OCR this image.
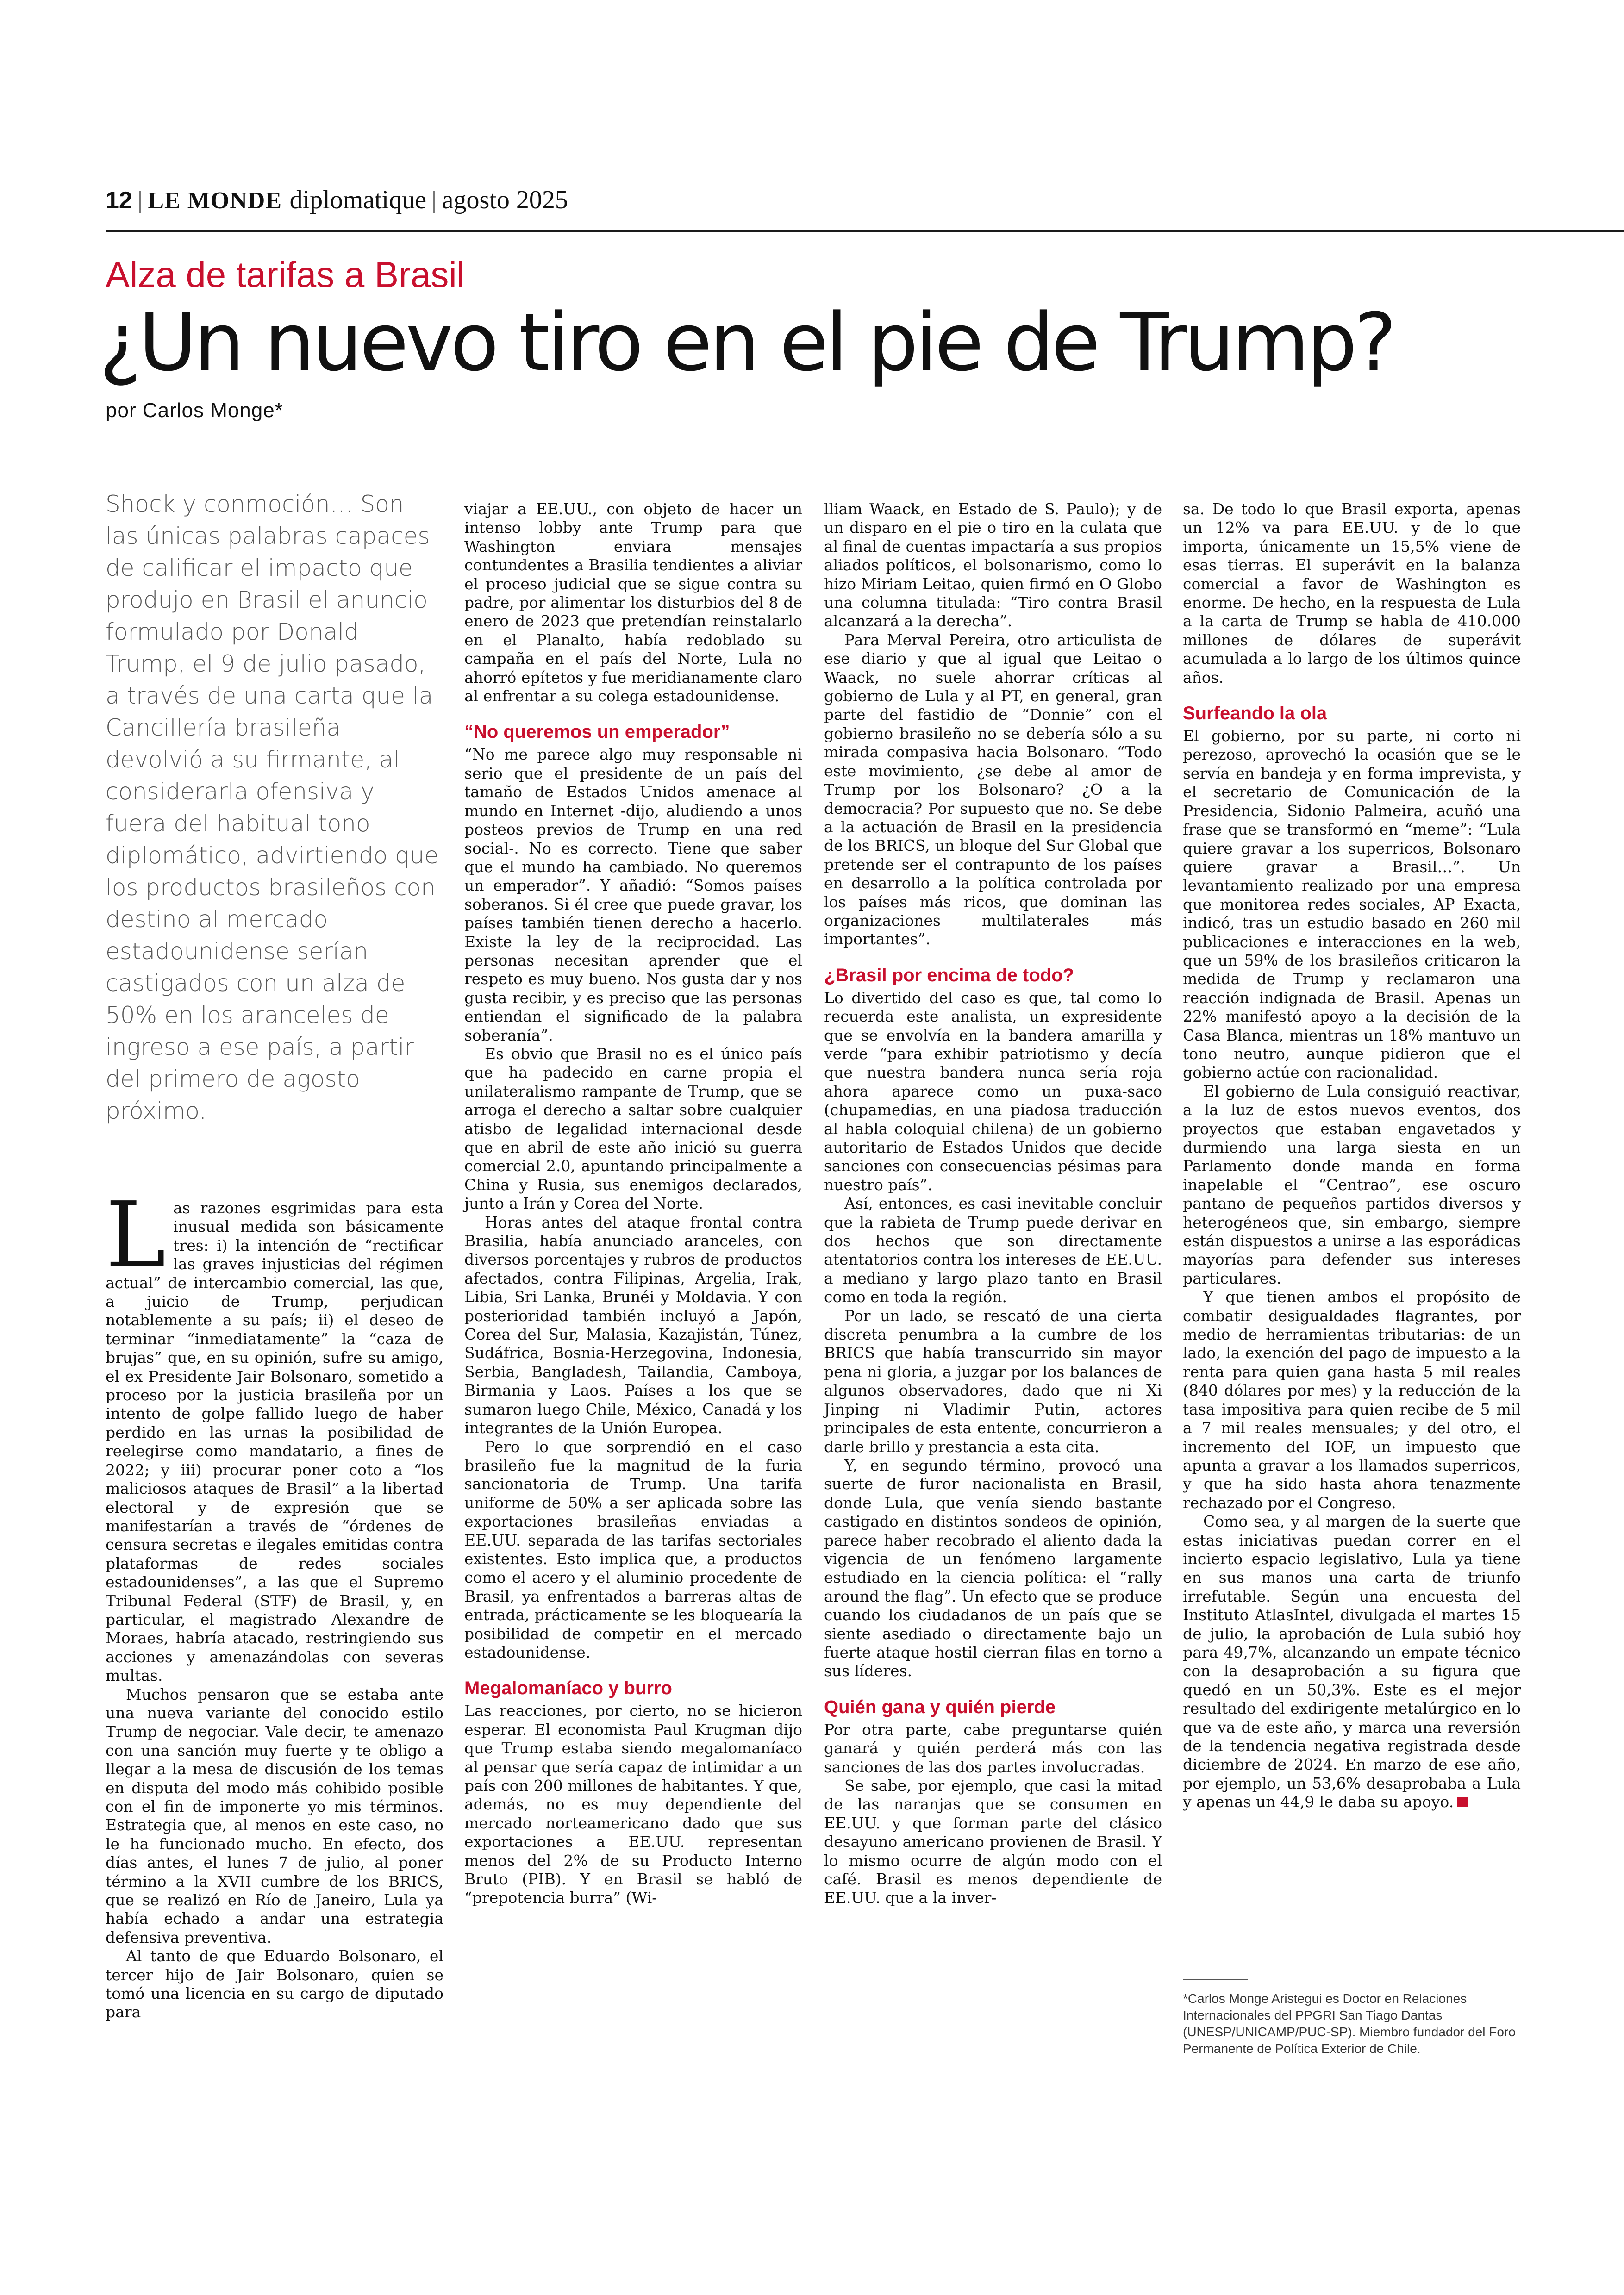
12 | LE MONDE diplomatique | agosto 2025
Alza de tarifas a Brasil
¿Un nuevo tiro en el pie de Trump?
por Carlos Monge*

Shock y conmoción… Son las únicas palabras capaces de calificar el impacto que produjo en Brasil el anuncio formulado por Donald Trump, el 9 de julio pasado, a través de una carta que la Cancillería brasileña devolvió a su firmante, al considerarla ofensiva y fuera del habitual tono diplomático, advirtiendo que los productos brasileños con destino al mercado estadounidense serían castigados con un alza de 50% en los aranceles de ingreso a ese país, a partir del primero de agosto próximo.

Las razones esgrimidas para esta inusual medida son básicamente tres: i) la intención de “rectificar las graves injusticias del régimen actual” de intercambio comercial, las que, a juicio de Trump, perjudican notablemente a su país; ii) el deseo de terminar “inmediatamente” la “caza de brujas” que, en su opinión, sufre su amigo, el ex Presidente Jair Bolsonaro, sometido a proceso por la justicia brasileña por un intento de golpe fallido luego de haber perdido en las urnas la posibilidad de reelegirse como mandatario, a fines de 2022; y iii) procurar poner coto a “los maliciosos ataques de Brasil” a la libertad electoral y de expresión que se manifestarían a través de “órdenes de censura secretas e ilegales emitidas contra plataformas de redes sociales estadounidenses”, a las que el Supremo Tribunal Federal (STF) de Brasil, y, en particular, el magistrado Alexandre de Moraes, habría atacado, restringiendo sus acciones y amenazándolas con severas multas.

Muchos pensaron que se estaba ante una nueva variante del conocido estilo Trump de negociar. Vale decir, te amenazo con una sanción muy fuerte y te obligo a llegar a la mesa de discusión de los temas en disputa del modo más cohibido posible con el fin de imponerte yo mis términos. Estrategia que, al menos en este caso, no le ha funcionado mucho. En efecto, dos días antes, el lunes 7 de julio, al poner término a la XVII cumbre de los BRICS, que se realizó en Río de Janeiro, Lula ya había echado a andar una estrategia defensiva preventiva.

Al tanto de que Eduardo Bolsonaro, el tercer hijo de Jair Bolsonaro, quien se tomó una licencia en su cargo de diputado para

viajar a EE.UU., con objeto de hacer un intenso lobby ante Trump para que Washington enviara mensajes contundentes a Brasilia tendientes a aliviar el proceso judicial que se sigue contra su padre, por alimentar los disturbios del 8 de enero de 2023 que pretendían reinstalarlo en el Planalto, había redoblado su campaña en el país del Norte, Lula no ahorró epítetos y fue meridianamente claro al enfrentar a su colega estadounidense.

“No queremos un emperador”

“No me parece algo muy responsable ni serio que el presidente de un país del tamaño de Estados Unidos amenace al mundo en Internet -dijo, aludiendo a unos posteos previos de Trump en una red social-. No es correcto. Tiene que saber que el mundo ha cambiado. No queremos un emperador”. Y añadió: “Somos países soberanos. Si él cree que puede gravar, los países también tienen derecho a hacerlo. Existe la ley de la reciprocidad. Las personas necesitan aprender que el respeto es muy bueno. Nos gusta dar y nos gusta recibir, y es preciso que las personas entiendan el significado de la palabra soberanía”.

Es obvio que Brasil no es el único país que ha padecido en carne propia el unilateralismo rampante de Trump, que se arroga el derecho a saltar sobre cualquier atisbo de legalidad internacional desde que en abril de este año inició su guerra comercial 2.0, apuntando principalmente a China y Rusia, sus enemigos declarados, junto a Irán y Corea del Norte.

Horas antes del ataque frontal contra Brasilia, había anunciado aranceles, con diversos porcentajes y rubros de productos afectados, contra Filipinas, Argelia, Irak, Libia, Sri Lanka, Brunéi y Moldavia. Y con posterioridad también incluyó a Japón, Corea del Sur, Malasia, Kazajistán, Túnez, Sudáfrica, Bosnia-Herzegovina, Indonesia, Serbia, Bangladesh, Tailandia, Camboya, Birmania y Laos. Países a los que se sumaron luego Chile, México, Canadá y los integrantes de la Unión Europea.

Pero lo que sorprendió en el caso brasileño fue la magnitud de la furia sancionatoria de Trump. Una tarifa uniforme de 50% a ser aplicada sobre las exportaciones brasileñas enviadas a EE.UU. separada de las tarifas sectoriales existentes. Esto implica que, a productos como el acero y el aluminio procedente de Brasil, ya enfrentados a barreras altas de entrada, prácticamente se les bloquearía la posibilidad de competir en el mercado estadounidense.

Megalomaníaco y burro

Las reacciones, por cierto, no se hicieron esperar. El economista Paul Krugman dijo que Trump estaba siendo megalomaníaco al pensar que sería capaz de intimidar a un país con 200 millones de habitantes. Y que, además, no es muy dependiente del mercado norteamericano dado que sus exportaciones a EE.UU. representan menos del 2% de su Producto Interno Bruto (PIB). Y en Brasil se habló de “prepotencia burra” (Wi-

lliam Waack, en Estado de S. Paulo); y de un disparo en el pie o tiro en la culata que al final de cuentas impactaría a sus propios aliados políticos, el bolsonarismo, como lo hizo Miriam Leitao, quien firmó en O Globo una columna titulada: “Tiro contra Brasil alcanzará a la derecha”.

Para Merval Pereira, otro articulista de ese diario y que al igual que Leitao o Waack, no suele ahorrar críticas al gobierno de Lula y al PT, en general, gran parte del fastidio de “Donnie” con el gobierno brasileño no se debería sólo a su mirada compasiva hacia Bolsonaro. “Todo este movimiento, ¿se debe al amor de Trump por los Bolsonaro? ¿O a la democracia? Por supuesto que no. Se debe a la actuación de Brasil en la presidencia de los BRICS, un bloque del Sur Global que pretende ser el contrapunto de los países en desarrollo a la política controlada por los países más ricos, que dominan las organizaciones multilaterales más importantes”.

¿Brasil por encima de todo?

Lo divertido del caso es que, tal como lo recuerda este analista, un expresidente que se envolvía en la bandera amarilla y verde “para exhibir patriotismo y decía que nuestra bandera nunca sería roja ahora aparece como un puxa-saco (chupamedias, en una piadosa traducción al habla coloquial chilena) de un gobierno autoritario de Estados Unidos que decide sanciones con consecuencias pésimas para nuestro país”.

Así, entonces, es casi inevitable concluir que la rabieta de Trump puede derivar en dos hechos que son directamente atentatorios contra los intereses de EE.UU. a mediano y largo plazo tanto en Brasil como en toda la región.

Por un lado, se rescató de una cierta discreta penumbra a la cumbre de los BRICS que había transcurrido sin mayor pena ni gloria, a juzgar por los balances de algunos observadores, dado que ni Xi Jinping ni Vladimir Putin, actores principales de esta entente, concurrieron a darle brillo y prestancia a esta cita.

Y, en segundo término, provocó una suerte de furor nacionalista en Brasil, donde Lula, que venía siendo bastante castigado en distintos sondeos de opinión, parece haber recobrado el aliento dada la vigencia de un fenómeno largamente estudiado en la ciencia política: el “rally around the flag”. Un efecto que se produce cuando los ciudadanos de un país que se siente asediado o directamente bajo un fuerte ataque hostil cierran filas en torno a sus líderes.

Quién gana y quién pierde

Por otra parte, cabe preguntarse quién ganará y quién perderá más con las sanciones de las dos partes involucradas.

Se sabe, por ejemplo, que casi la mitad de las naranjas que se consumen en EE.UU. y que forman parte del clásico desayuno americano provienen de Brasil. Y lo mismo ocurre de algún modo con el café. Brasil es menos dependiente de EE.UU. que a la inver-

sa. De todo lo que Brasil exporta, apenas un 12% va para EE.UU. y de lo que importa, únicamente un 15,5% viene de esas tierras. El superávit en la balanza comercial a favor de Washington es enorme. De hecho, en la respuesta de Lula a la carta de Trump se habla de 410.000 millones de dólares de superávit acumulada a lo largo de los últimos quince años.

Surfeando la ola

El gobierno, por su parte, ni corto ni perezoso, aprovechó la ocasión que se le servía en bandeja y en forma imprevista, y el secretario de Comunicación de la Presidencia, Sidonio Palmeira, acuñó una frase que se transformó en “meme”: “Lula quiere gravar a los superricos, Bolsonaro quiere gravar a Brasil…”. Un levantamiento realizado por una empresa que monitorea redes sociales, AP Exacta, indicó, tras un estudio basado en 260 mil publicaciones e interacciones en la web, que un 59% de los brasileños criticaron la medida de Trump y reclamaron una reacción indignada de Brasil. Apenas un 22% manifestó apoyo a la decisión de la Casa Blanca, mientras un 18% mantuvo un tono neutro, aunque pidieron que el gobierno actúe con racionalidad.

El gobierno de Lula consiguió reactivar, a la luz de estos nuevos eventos, dos proyectos que estaban engavetados y durmiendo una larga siesta en un Parlamento donde manda en forma inapelable el “Centrao”, ese oscuro pantano de pequeños partidos diversos y heterogéneos que, sin embargo, siempre están dispuestos a unirse a las esporádicas mayorías para defender sus intereses particulares.

Y que tienen ambos el propósito de combatir desigualdades flagrantes, por medio de herramientas tributarias: de un lado, la exención del pago de impuesto a la renta para quien gana hasta 5 mil reales (840 dólares por mes) y la reducción de la tasa impositiva para quien recibe de 5 mil a 7 mil reales mensuales; y del otro, el incremento del IOF, un impuesto que apunta a gravar a los llamados superricos, y que ha sido hasta ahora tenazmente rechazado por el Congreso.

Como sea, y al margen de la suerte que estas iniciativas puedan correr en el incierto espacio legislativo, Lula ya tiene en sus manos una carta de triunfo irrefutable. Según una encuesta del Instituto AtlasIntel, divulgada el martes 15 de julio, la aprobación de Lula subió hoy para 49,7%, alcanzando un empate técnico con la desaprobación a su figura que quedó en un 50,3%. Este es el mejor resultado del exdirigente metalúrgico en lo que va de este año, y marca una reversión de la tendencia negativa registrada desde diciembre de 2024. En marzo de ese año, por ejemplo, un 53,6% desaprobaba a Lula y apenas un 44,9 le daba su apoyo.

*Carlos Monge Aristegui es Doctor en Relaciones Internacionales del PPGRI San Tiago Dantas (UNESP/UNICAMP/PUC-SP). Miembro fundador del Foro Permanente de Política Exterior de Chile.
